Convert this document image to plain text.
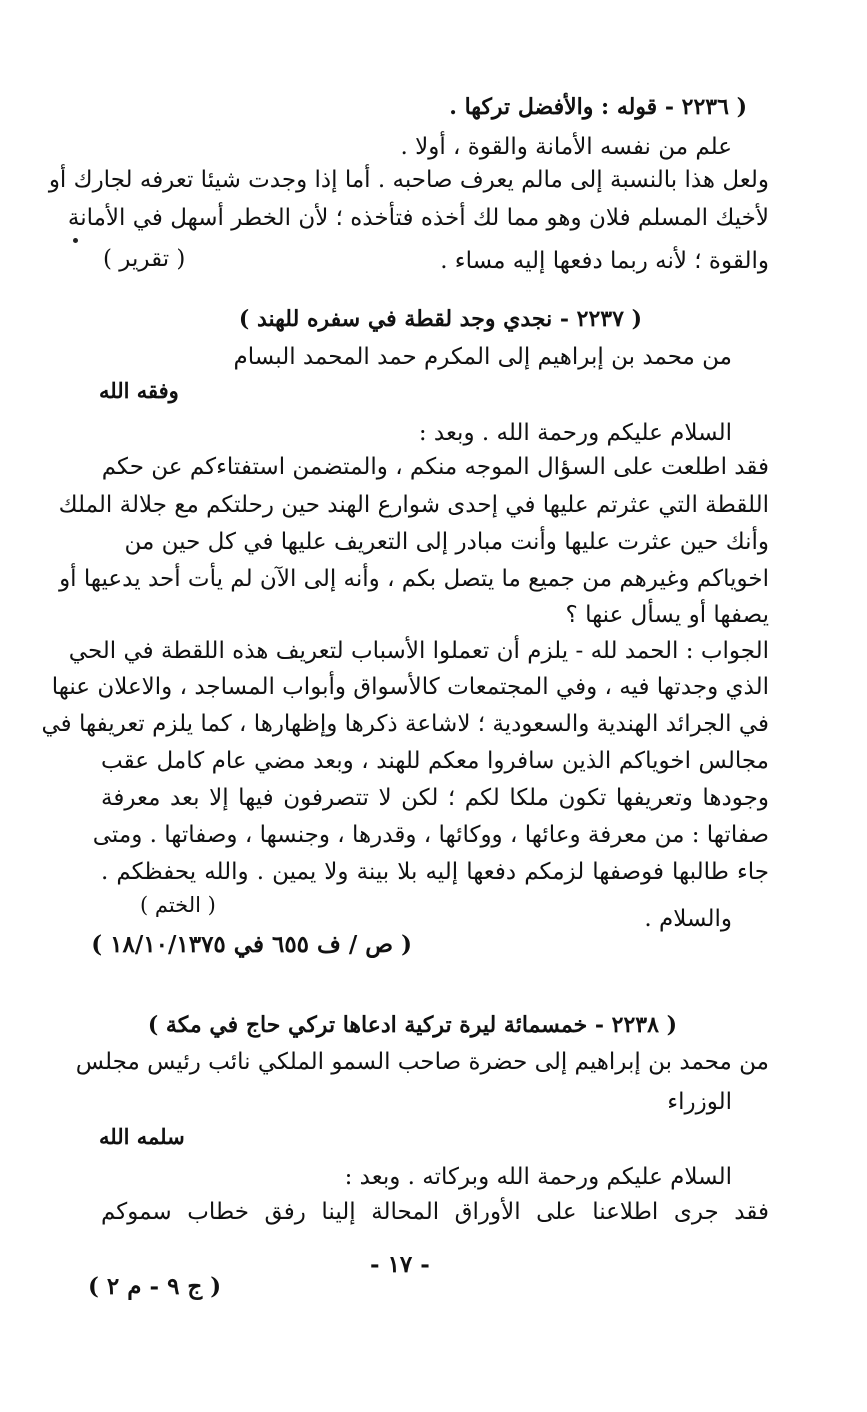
( ٢٢٣٦ - قوله : والأفضل تركها .
علم من نفسه الأمانة والقوة ، أولا .
ولعل هذا بالنسبة إلى مالم يعرف صاحبه . أما إذا وجدت شيئا تعرفه لجارك أو
لأخيك المسلم فلان وهو مما لك أخذه فتأخذه ؛ لأن الخطر أسهل في الأمانة
والقوة ؛ لأنه ربما دفعها إليه مساء .
( تقرير )
( ٢٢٣٧ - نجدي وجد لقطة في سفره للهند )
من محمد بن إبراهيم إلى المكرم حمد المحمد البسام
وفقه الله
السلام عليكم ورحمة الله . وبعد :
فقد اطلعت على السؤال الموجه منكم ، والمتضمن استفتاءكم عن حكم
اللقطة التي عثرتم عليها في إحدى شوارع الهند حين رحلتكم مع جلالة الملك
وأنك حين عثرت عليها وأنت مبادر إلى التعريف عليها في كل حين من
اخوياكم وغيرهم من جميع ما يتصل بكم ، وأنه إلى الآن لم يأت أحد يدعيها أو
يصفها أو يسأل عنها ؟
الجواب : الحمد لله - يلزم أن تعملوا الأسباب لتعريف هذه اللقطة في الحي
الذي وجدتها فيه ، وفي المجتمعات كالأسواق وأبواب المساجد ، والاعلان عنها
في الجرائد الهندية والسعودية ؛ لاشاعة ذكرها وإظهارها ، كما يلزم تعريفها في
مجالس اخوياكم الذين سافروا معكم للهند ، وبعد مضي عام كامل عقب
وجودها وتعريفها تكون ملكا لكم ؛ لكن لا تتصرفون فيها إلا بعد معرفة
صفاتها : من معرفة وعائها ، ووكائها ، وقدرها ، وجنسها ، وصفاتها . ومتى
جاء طالبها فوصفها لزمكم دفعها إليه بلا بينة ولا يمين . والله يحفظكم .
( الختم )
والسلام .
( ص / ف ٦٥٥ في ١٨/١٠/١٣٧٥ )
( ٢٢٣٨ - خمسمائة ليرة تركية ادعاها تركي حاج في مكة )
من محمد بن إبراهيم إلى حضرة صاحب السمو الملكي نائب رئيس مجلس
الوزراء
سلمه الله
السلام عليكم ورحمة الله وبركاته . وبعد :
فقد جرى اطلاعنا على الأوراق المحالة إلينا رفق خطاب سموكم
- ١٧ -
( ج ٩ - م ٢ )
